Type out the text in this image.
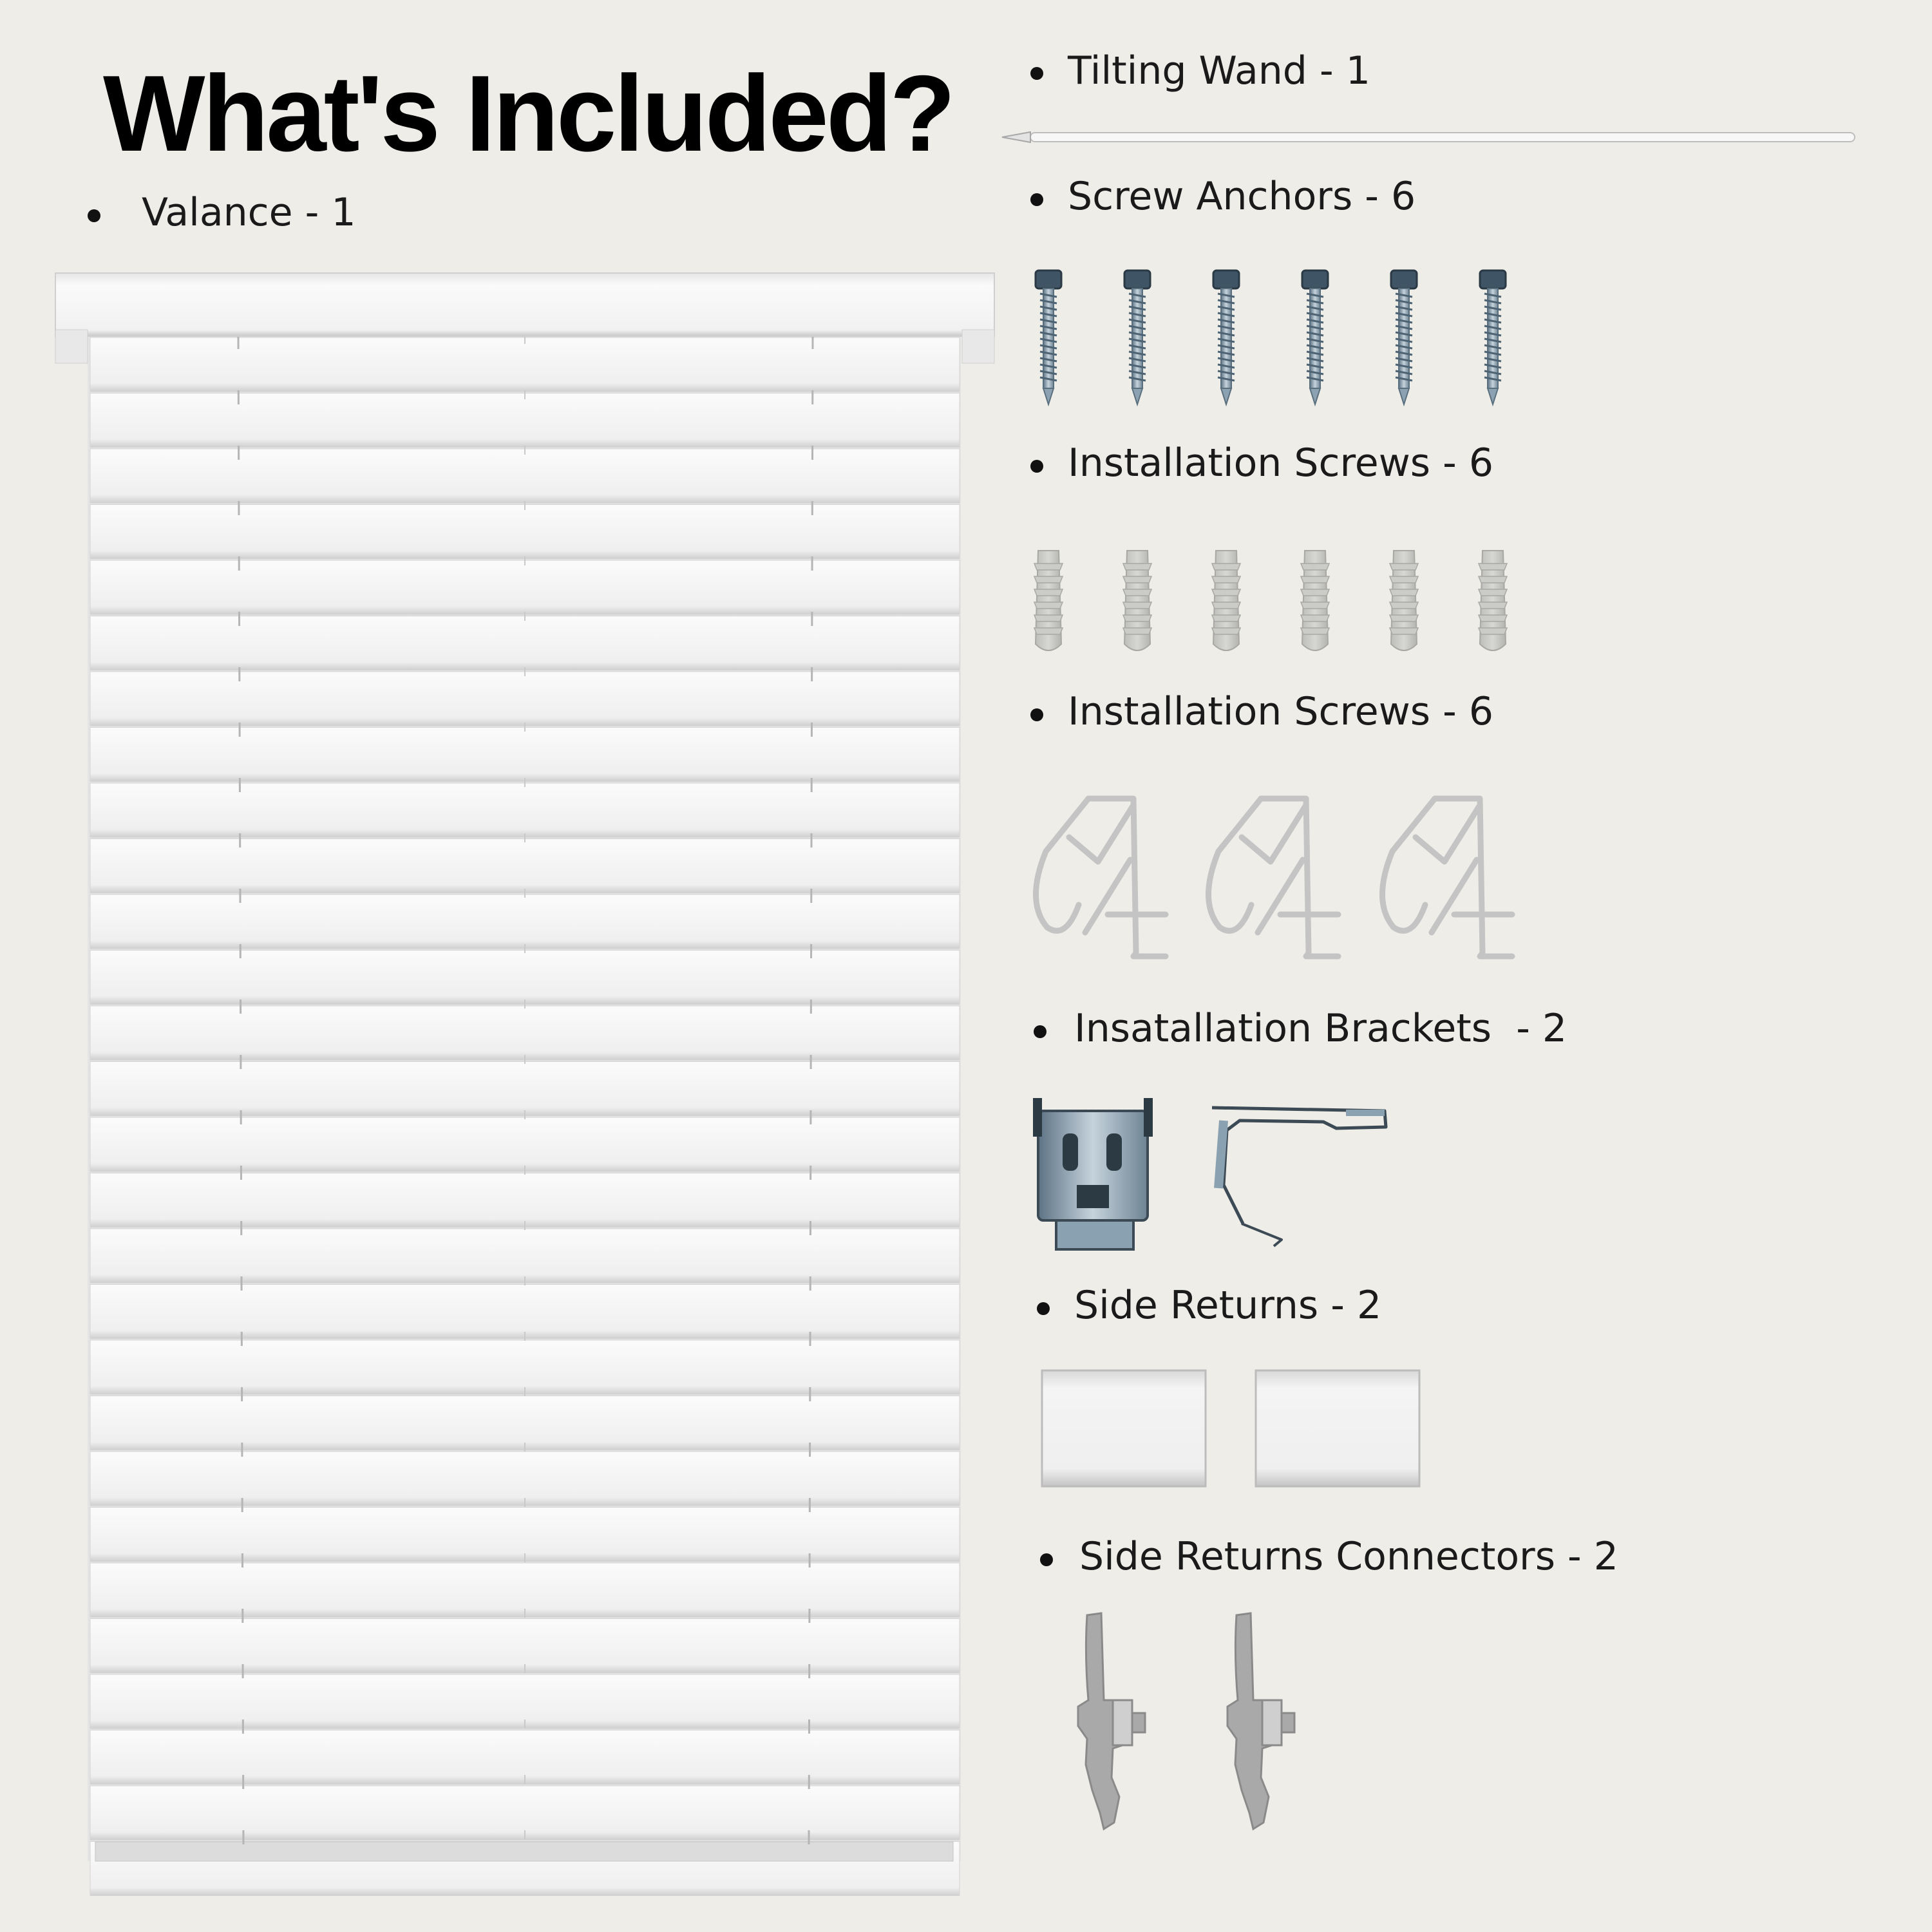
What's Included?
Valance - 1
Tilting Wand - 1
Screw Anchors - 6
Installation Screws - 6
Installation Screws - 6
Insatallation Brackets  - 2
Side Returns - 2
Side Returns Connectors - 2
